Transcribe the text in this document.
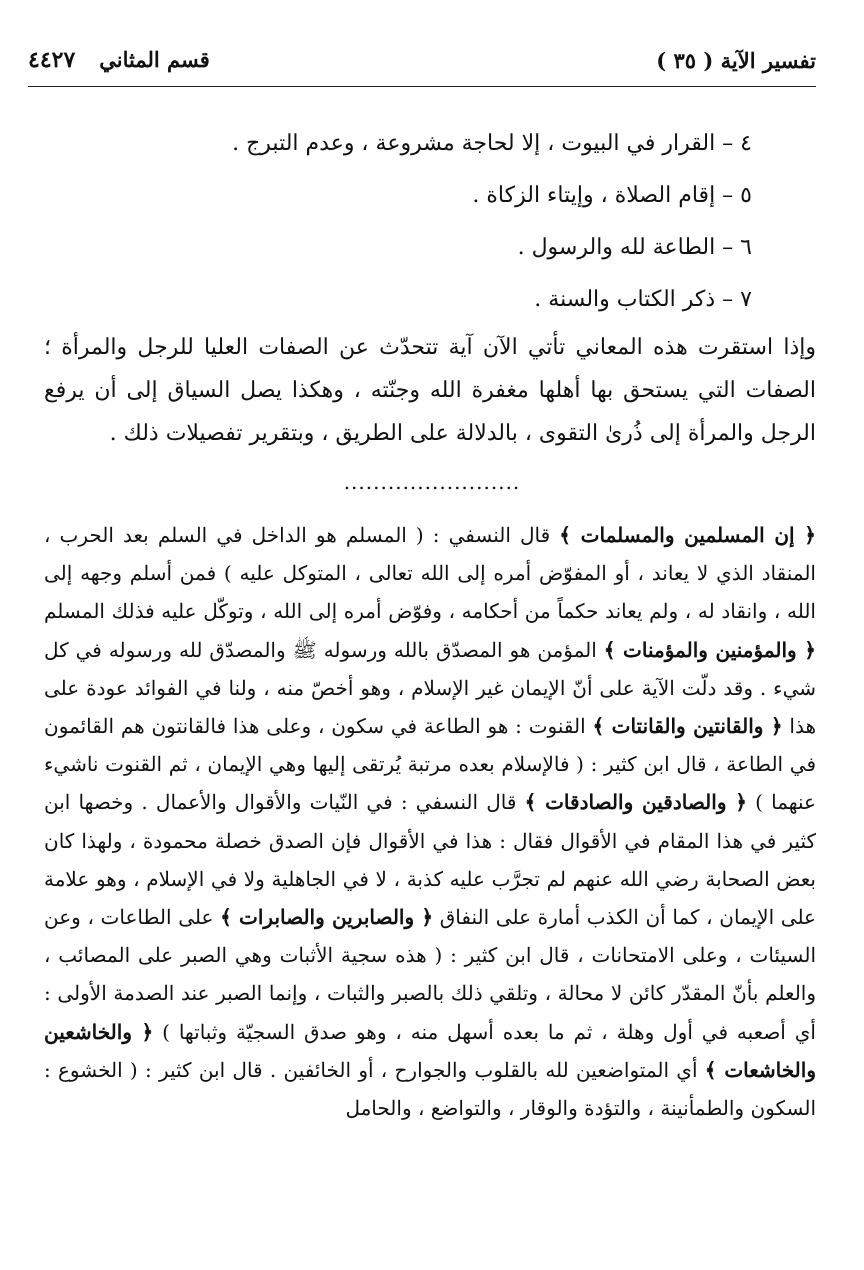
تفسير الآية ( ٣٥ )
قسم المثاني
٤٤٢٧
٤ – القرار في البيوت ، إلا لحاجة مشروعة ، وعدم التبرج .
٥ – إقام الصلاة ، وإيتاء الزكاة .
٦ – الطاعة لله والرسول .
٧ – ذكر الكتاب والسنة .
وإذا استقرت هذه المعاني تأتي الآن آية تتحدّث عن الصفات العليا للرجل والمرأة ؛ الصفات التي يستحق بها أهلها مغفرة الله وجنّته ، وهكذا يصل السياق إلى أن يرفع الرجل والمرأة إلى ذُرىٰ التقوى ، بالدلالة على الطريق ، وبتقرير تفصيلات ذلك .
........................
﴿ إن المسلمين والمسلمات ﴾ قال النسفي : ( المسلم هو الداخل في السلم بعد الحرب ، المنقاد الذي لا يعاند ، أو المفوّض أمره إلى الله تعالى ، المتوكل عليه ) فمن أسلم وجهه إلى الله ، وانقاد له ، ولم يعاند حكماً من أحكامه ، وفوّض أمره إلى الله ، وتوكّل عليه فذلك المسلم ﴿ والمؤمنين والمؤمنات ﴾ المؤمن هو المصدّق بالله ورسوله ﷺ والمصدّق لله ورسوله في كل شيء . وقد دلّت الآية على أنّ الإيمان غير الإسلام ، وهو أخصّ منه ، ولنا في الفوائد عودة على هذا ﴿ والقانتين والقانتات ﴾ القنوت : هو الطاعة في سكون ، وعلى هذا فالقانتون هم القائمون في الطاعة ، قال ابن كثير : ( فالإسلام بعده مرتبة يُرتقى إليها وهي الإيمان ، ثم القنوت ناشيء عنهما ) ﴿ والصادقين والصادقات ﴾ قال النسفي : في النّيات والأقوال والأعمال . وخصها ابن كثير في هذا المقام في الأقوال فقال : هذا في الأقوال فإن الصدق خصلة محمودة ، ولهذا كان بعض الصحابة رضي الله عنهم لم تجرَّب عليه كذبة ، لا في الجاهلية ولا في الإسلام ، وهو علامة على الإيمان ، كما أن الكذب أمارة على النفاق ﴿ والصابرين والصابرات ﴾ على الطاعات ، وعن السيئات ، وعلى الامتحانات ، قال ابن كثير : ( هذه سجية الأثبات وهي الصبر على المصائب ، والعلم بأنّ المقدّر كائن لا محالة ، وتلقي ذلك بالصبر والثبات ، وإنما الصبر عند الصدمة الأولى : أي أصعبه في أول وهلة ، ثم ما بعده أسهل منه ، وهو صدق السجيّة وثباتها ) ﴿ والخاشعين والخاشعات ﴾ أي المتواضعين لله بالقلوب والجوارح ، أو الخائفين . قال ابن كثير : ( الخشوع : السكون والطمأنينة ، والتؤدة والوقار ، والتواضع ، والحامل
